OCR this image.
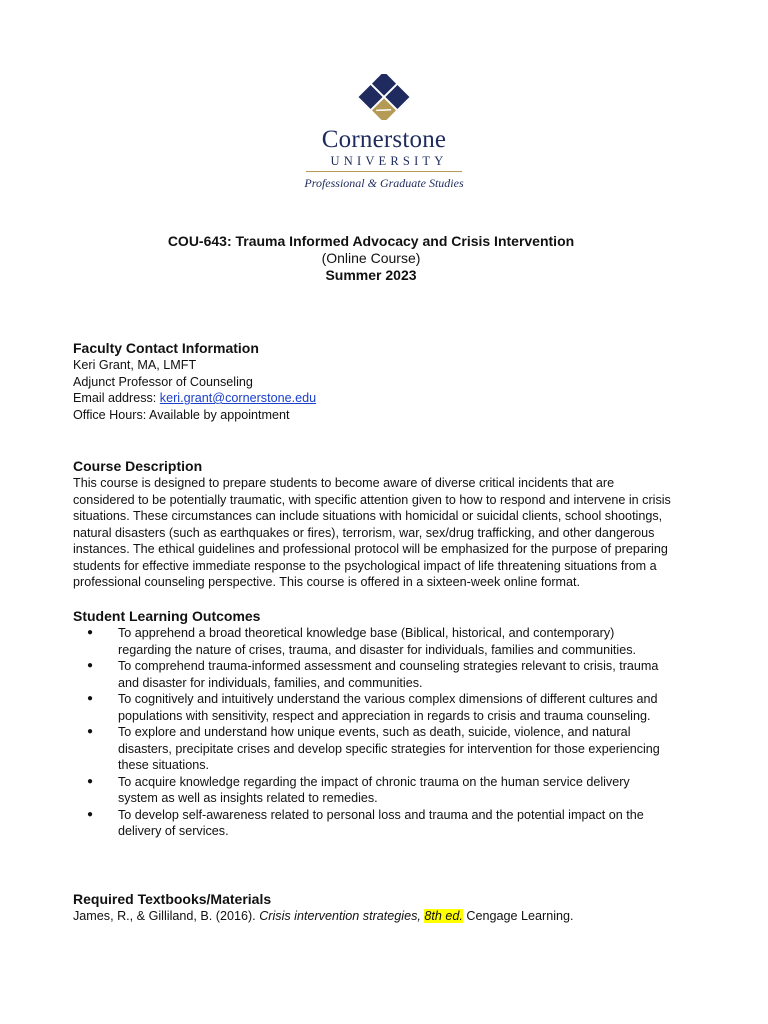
Cornerstone
UNIVERSITY
Professional & Graduate Studies
COU-643: Trauma Informed Advocacy and Crisis Intervention
(Online Course)
Summer 2023
Faculty Contact Information
Keri Grant, MA, LMFT
Adjunct Professor of Counseling
Email address: keri.grant@cornerstone.edu
Office Hours: Available by appointment
Course Description
This course is designed to prepare students to become aware of diverse critical incidents that are
considered to be potentially traumatic, with specific attention given to how to respond and intervene in crisis
situations. These circumstances can include situations with homicidal or suicidal clients, school shootings,
natural disasters (such as earthquakes or fires), terrorism, war, sex/drug trafficking, and other dangerous
instances. The ethical guidelines and professional protocol will be emphasized for the purpose of preparing
students for effective immediate response to the psychological impact of life threatening situations from a
professional counseling perspective. This course is offered in a sixteen-week online format.
Student Learning Outcomes
● To apprehend a broad theoretical knowledge base (Biblical, historical, and contemporary)
regarding the nature of crises, trauma, and disaster for individuals, families and communities.
● To comprehend trauma-informed assessment and counseling strategies relevant to crisis, trauma
and disaster for individuals, families, and communities.
● To cognitively and intuitively understand the various complex dimensions of different cultures and
populations with sensitivity, respect and appreciation in regards to crisis and trauma counseling.
● To explore and understand how unique events, such as death, suicide, violence, and natural
disasters, precipitate crises and develop specific strategies for intervention for those experiencing
these situations.
● To acquire knowledge regarding the impact of chronic trauma on the human service delivery
system as well as insights related to remedies.
● To develop self-awareness related to personal loss and trauma and the potential impact on the
delivery of services.
Required Textbooks/Materials
James, R., & Gilliland, B. (2016). Crisis intervention strategies, 8th ed. Cengage Learning.
